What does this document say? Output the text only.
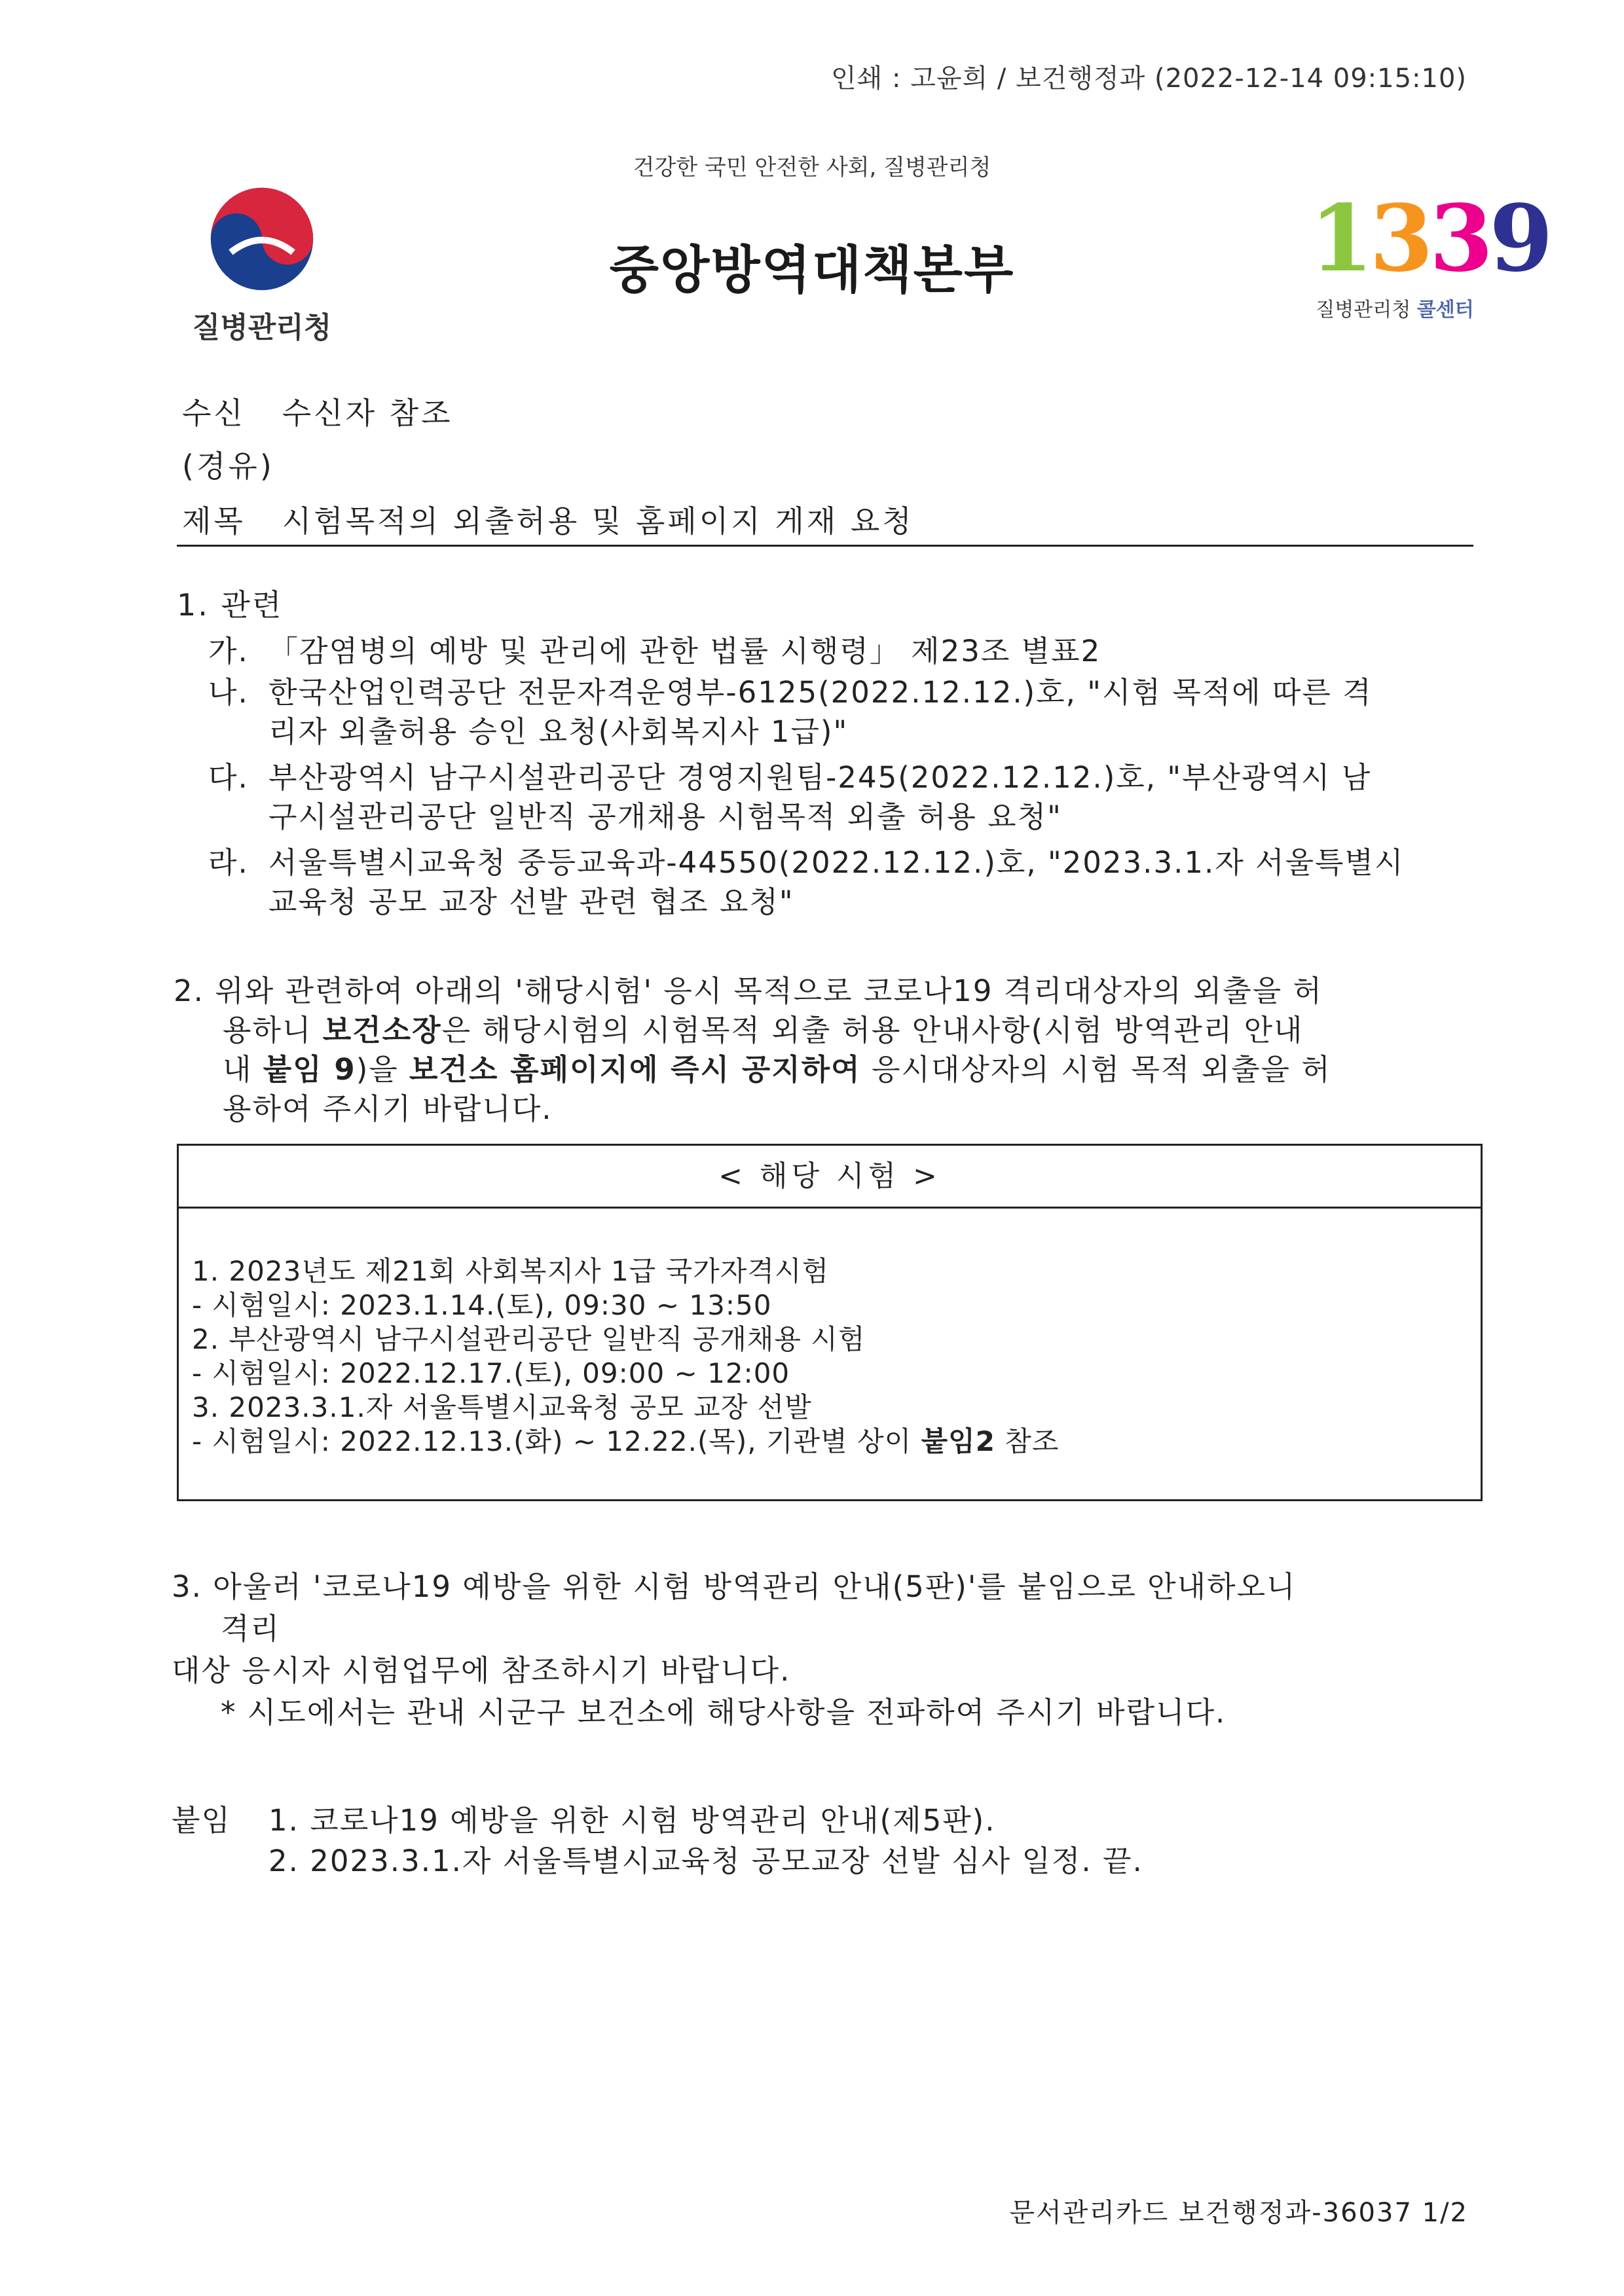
인쇄 : 고윤희 / 보건행정과 (2022-12-14 09:15:10)
건강한 국민 안전한 사회, 질병관리청
질병관리청
중앙방역대책본부	1339
질병관리청 콜센터
수신 수신자 참조
(경유)
제목 시험목적의 외출허용 및 홈페이지 게재 요청
1. 관련
가. 「감염병의 예방 및 관리에 관한 법률 시행령」 제23조 별표2
나. 한국산업인력공단 전문자격운영부-6125(2022.12.12.)호, "시험 목적에 따른 격
리자 외출허용 승인 요청(사회복지사 1급)"
다. 부산광역시 남구시설관리공단 경영지원팀-245(2022.12.12.)호, "부산광역시 남
구시설관리공단 일반직 공개채용 시험목적 외출 허용 요청"
라. 서울특별시교육청 중등교육과-44550(2022.12.12.)호, "2023.3.1.자 서울특별시
교육청 공모 교장 선발 관련 협조 요청"
2. 위와 관련하여 아래의 '해당시험' 응시 목적으로 코로나19 격리대상자의 외출을 허
용하니 보건소장은 해당시험의 시험목적 외출 허용 안내사항(시험 방역관리 안내
내 붙임 9)을 보건소 홈페이지에 즉시 공지하여 응시대상자의 시험 목적 외출을 허
용하여 주시기 바랍니다.
< 해당 시험 >
1. 2023년도 제21회 사회복지사 1급 국가자격시험
- 시험일시: 2023.1.14.(토), 09:30 ~ 13:50
2. 부산광역시 남구시설관리공단 일반직 공개채용 시험
- 시험일시: 2022.12.17.(토), 09:00 ~ 12:00
3. 2023.3.1.자 서울특별시교육청 공모 교장 선발
- 시험일시: 2022.12.13.(화) ~ 12.22.(목), 기관별 상이 붙임2 참조
3. 아울러 '코로나19 예방을 위한 시험 방역관리 안내(5판)'를 붙임으로 안내하오니
격리
대상 응시자 시험업무에 참조하시기 바랍니다.
* 시도에서는 관내 시군구 보건소에 해당사항을 전파하여 주시기 바랍니다.
붙임 1. 코로나19 예방을 위한 시험 방역관리 안내(제5판).
2. 2023.3.1.자 서울특별시교육청 공모교장 선발 심사 일정. 끝.
문서관리카드 보건행정과-36037 1/2
